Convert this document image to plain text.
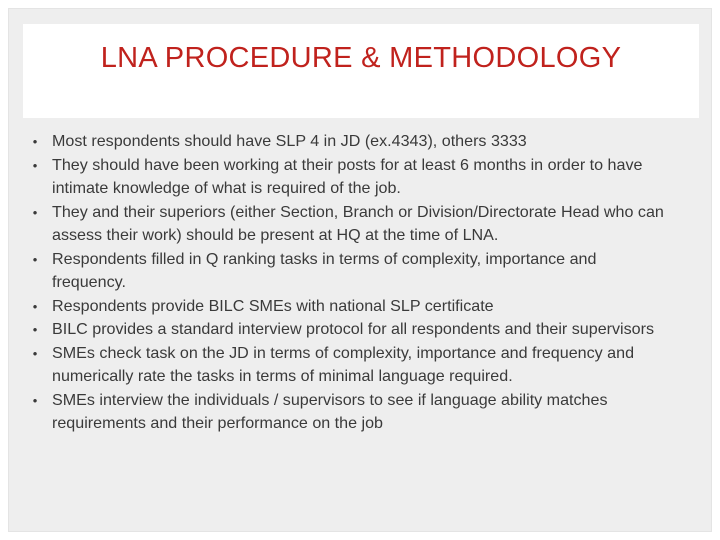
LNA PROCEDURE & METHODOLOGY
• Most respondents should have SLP 4 in JD (ex.4343), others 3333
• They should have been working at their posts for at least 6 months in order to have intimate knowledge of what is required of the job.
• They and their superiors (either Section, Branch or Division/Directorate Head who can assess their work) should be present at HQ at the time of LNA.
• Respondents filled in Q ranking tasks in terms of complexity, importance and frequency.
• Respondents provide BILC SMEs with national SLP certificate
• BILC provides a standard interview protocol for all respondents and their supervisors
• SMEs check task on the JD in terms of complexity, importance and frequency and numerically rate the tasks in terms of minimal language required.
• SMEs interview the individuals / supervisors to see if language ability matches requirements and their performance on the job
